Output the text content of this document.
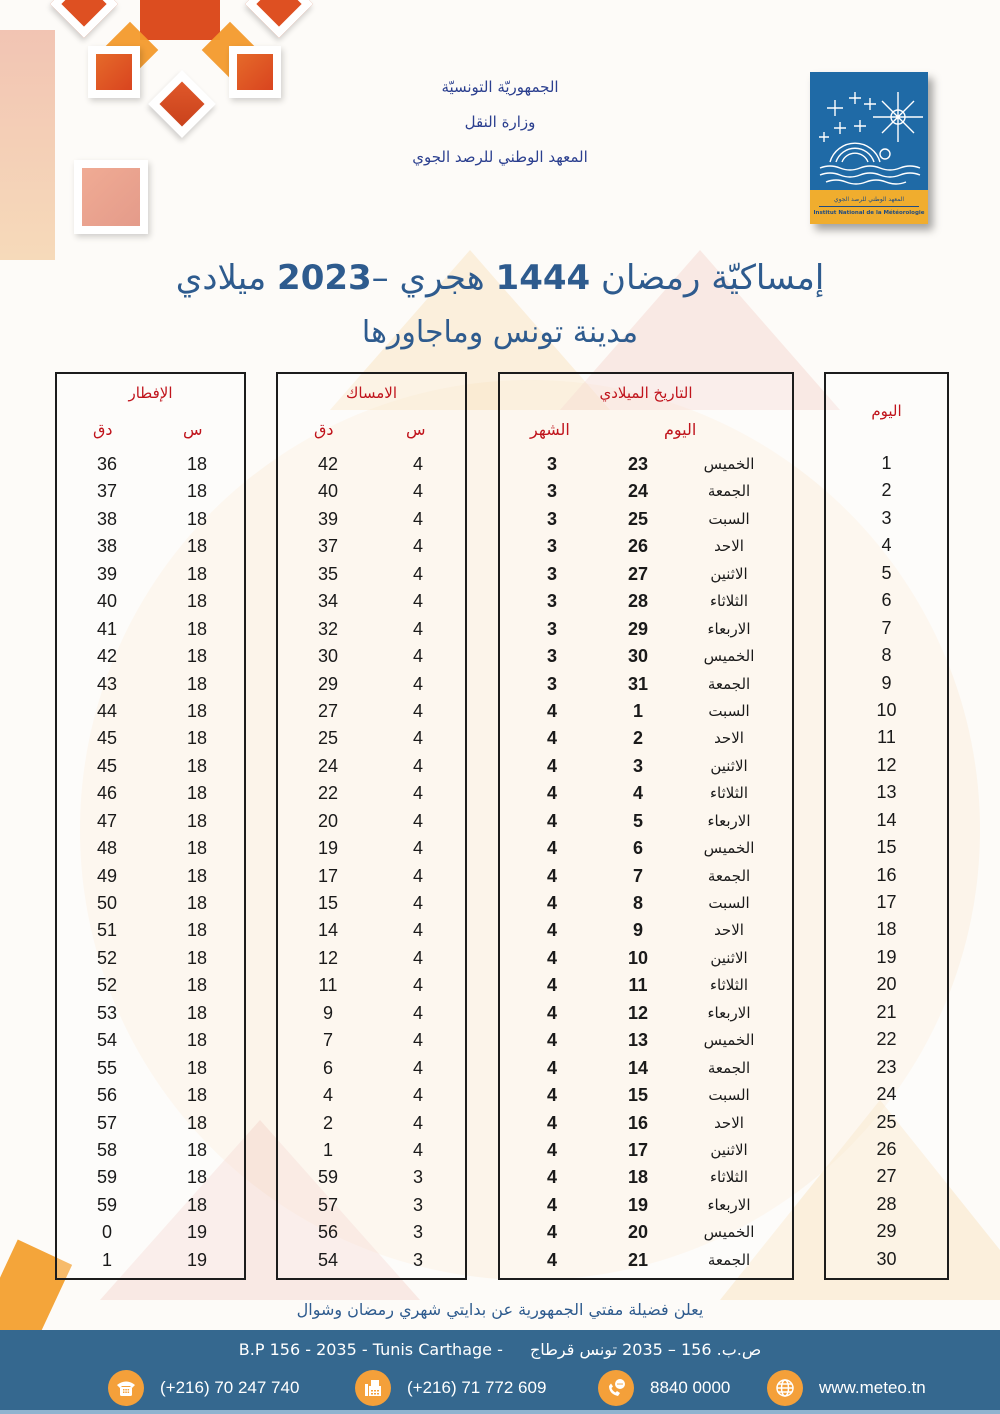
الجمهوريّة التونسيّة
وزارة النقل
المعهد الوطني للرصد الجوي
المعهد الوطني للرصد الجوي
Institut National de la Météorologie
إمساكيّة رمضان 1444 هجري –2023 ميلادي
مدينة تونس وماجاورها
الإفطار
س
دق
36	18
37	18
38	18
38	18
39	18
40	18
41	18
42	18
43	18
44	18
45	18
45	18
46	18
47	18
48	18
49	18
50	18
51	18
52	18
52	18
53	18
54	18
55	18
56	18
57	18
58	18
59	18
59	18
0	19
1	19
الامساك
س
دق
42	4
40	4
39	4
37	4
35	4
34	4
32	4
30	4
29	4
27	4
25	4
24	4
22	4
20	4
19	4
17	4
15	4
14	4
12	4
11	4
9	4
7	4
6	4
4	4
2	4
1	4
59	3
57	3
56	3
54	3
التاريخ الميلادي
اليوم
الشهر
3	23	الخميس
3	24	الجمعة
3	25	السبت
3	26	الاحد
3	27	الاثنين
3	28	الثلاثاء
3	29	الاربعاء
3	30	الخميس
3	31	الجمعة
4	1	السبت
4	2	الاحد
4	3	الاثنين
4	4	الثلاثاء
4	5	الاربعاء
4	6	الخميس
4	7	الجمعة
4	8	السبت
4	9	الاحد
4	10	الاثنين
4	11	الثلاثاء
4	12	الاربعاء
4	13	الخميس
4	14	الجمعة
4	15	السبت
4	16	الاحد
4	17	الاثنين
4	18	الثلاثاء
4	19	الاربعاء
4	20	الخميس
4	21	الجمعة
اليوم
1
2
3
4
5
6
7
8
9
10
11
12
13
14
15
16
17
18
19
20
21
22
23
24
25
26
27
28
29
30
يعلن فضيلة مفتي الجمهورية عن بدايتي شهري رمضان وشوال
B.P 156 - 2035 - Tunis Carthage - ص.ب. 156 – 2035 تونس قرطاج
(+216) 70 247 740	(+216) 71 772 609	8840 0000	www.meteo.tn
